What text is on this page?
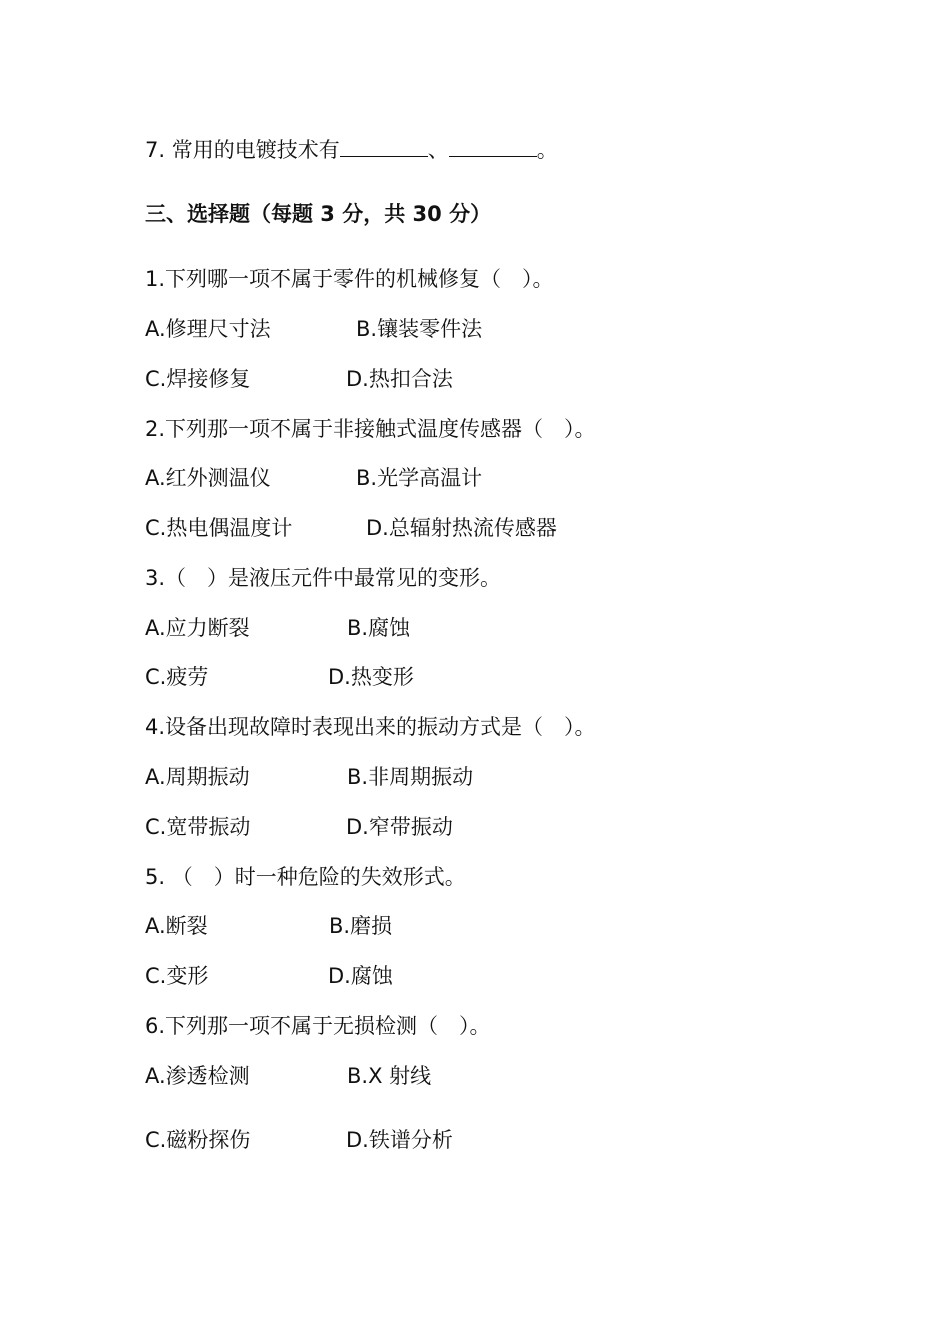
7. 常用的电镀技术有	、	。
三、选择题（每题 3 分，共 30 分）
1.下列哪一项不属于零件的机械修复（　）。
A.修理尺寸法	B.镶装零件法
C.焊接修复	D.热扣合法
2.下列那一项不属于非接触式温度传感器（　）。
A.红外测温仪	B.光学高温计
C.热电偶温度计	D.总辐射热流传感器
3.（　）是液压元件中最常见的变形。
A.应力断裂	B.腐蚀
C.疲劳	D.热变形
4.设备出现故障时表现出来的振动方式是（　）。
A.周期振动	B.非周期振动
C.宽带振动	D.窄带振动
5. （　）时一种危险的失效形式。
A.断裂	B.磨损
C.变形	D.腐蚀
6.下列那一项不属于无损检测（　）。
A.渗透检测	B.X 射线
C.磁粉探伤	D.铁谱分析
